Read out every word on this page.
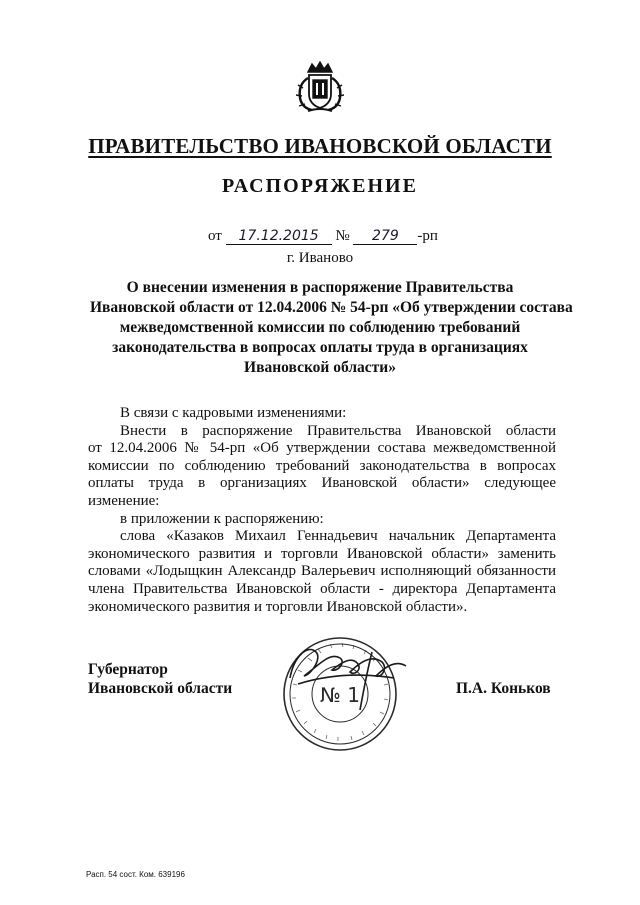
ПРАВИТЕЛЬСТВО ИВАНОВСКОЙ ОБЛАСТИ
РАСПОРЯЖЕНИЕ
от 17.12.2015 № 279 -рп
г. Иваново
О внесении изменения в распоряжение Правительства
Ивановской области от 12.04.2006 № 54-рп «Об утверждении состава
межведомственной комиссии по соблюдению требований
законодательства в вопросах оплаты труда в организациях
Ивановской области»
В связи с кадровыми изменениями:
Внести в распоряжение Правительства Ивановской области
от 12.04.2006 № 54-рп «Об утверждении состава межведомственной
комиссии по соблюдению требований законодательства в вопросах
оплаты труда в организациях Ивановской области» следующее
изменение:
в приложении к распоряжению:
слова «Казаков Михаил Геннадьевич начальник Департамента
экономического развития и торговли Ивановской области» заменить
словами «Лодыщкин Александр Валерьевич исполняющий обязанности
члена Правительства Ивановской области - директора Департамента
экономического развития и торговли Ивановской области».
Губернатор
Ивановской области	№ 1	П.А. Коньков
Расп. 54 сост. Ком. 639196
